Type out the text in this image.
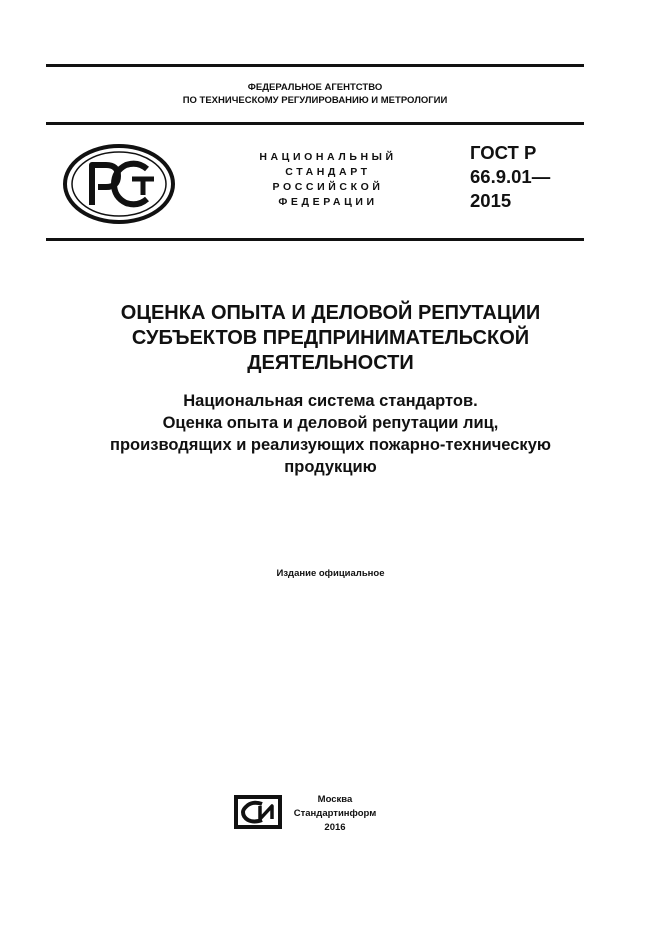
ФЕДЕРАЛЬНОЕ АГЕНТСТВО
ПО ТЕХНИЧЕСКОМУ РЕГУЛИРОВАНИЮ И МЕТРОЛОГИИ
НАЦИОНАЛЬНЫЙ
СТАНДАРТ
РОССИЙСКОЙ
ФЕДЕРАЦИИ
ГОСТ Р
66.9.01—
2015
ОЦЕНКА ОПЫТА И ДЕЛОВОЙ РЕПУТАЦИИ
СУБЪЕКТОВ ПРЕДПРИНИМАТЕЛЬСКОЙ
ДЕЯТЕЛЬНОСТИ
Национальная система стандартов.
Оценка опыта и деловой репутации лиц,
производящих и реализующих пожарно-техническую
продукцию
Издание официальное
Москва
Стандартинформ
2016
